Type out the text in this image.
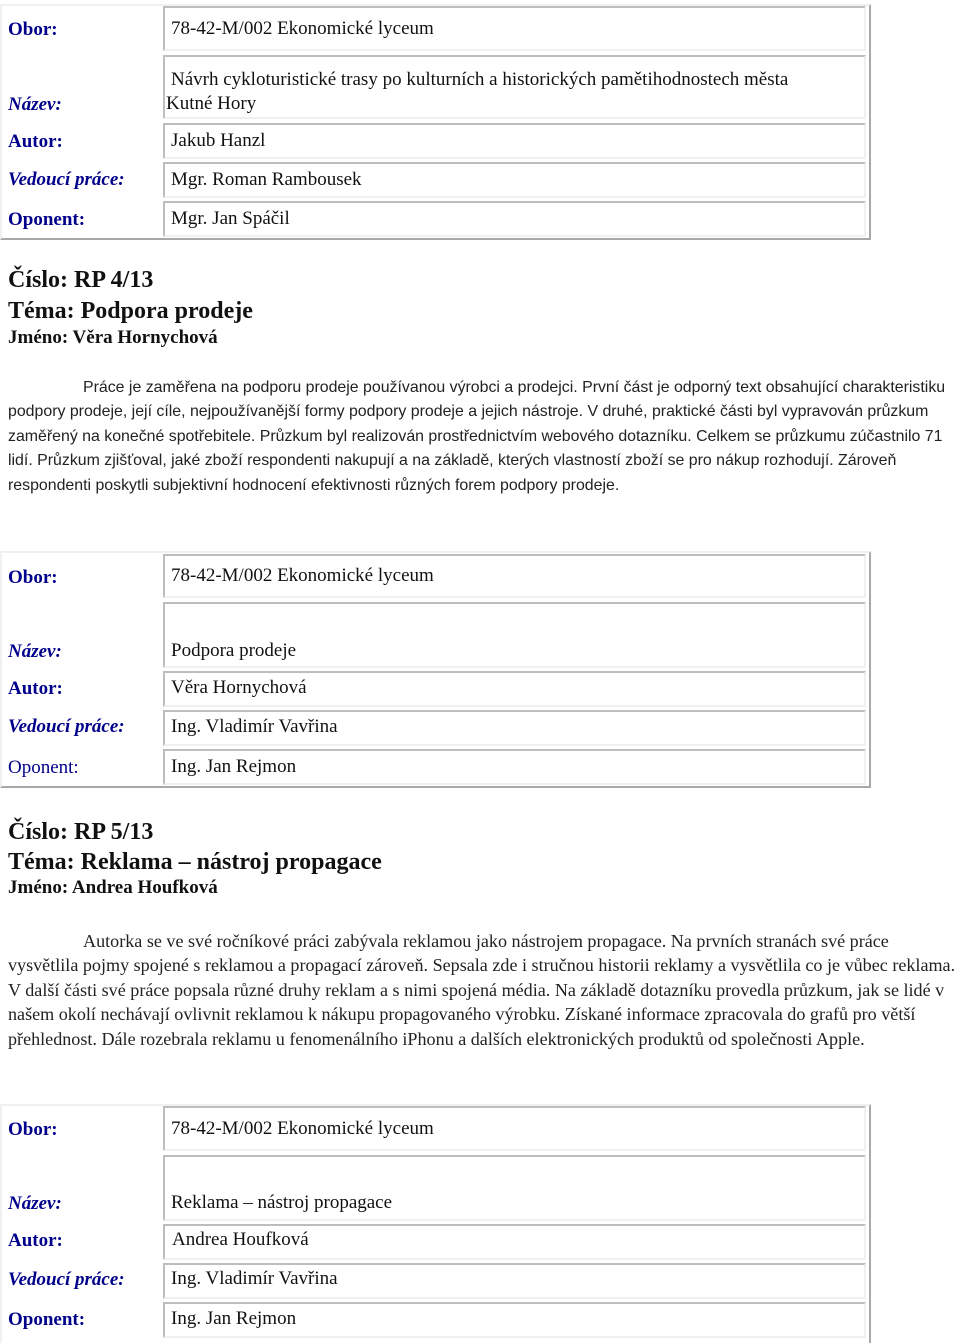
Obor:
Název:
Autor:
Vedoucí práce:
Oponent:
78-42-M/002 Ekonomické lyceum
Návrh cykloturistické trasy po kulturních a historických pamětihodnostech města
Kutné Hory
Jakub Hanzl
Mgr. Roman Rambousek
Mgr. Jan Spáčil
Číslo: RP 4/13
Téma: Podpora prodeje
Jméno: Věra Hornychová

Práce je zaměřena na podporu prodeje používanou výrobci a prodejci. První část je odporný text obsahující charakteristiku podpory prodeje, její cíle, nejpoužívanější formy podpory prodeje a jejich nástroje. V druhé, praktické části byl vypravován průzkum zaměřený na konečné spotřebitele. Průzkum byl realizován prostřednictvím webového dotazníku. Celkem se průzkumu zúčastnilo 71 lidí. Průzkum zjišťoval, jaké zboží respondenti nakupují a na základě, kterých vlastností zboží se pro nákup rozhodují. Zároveň respondenti poskytli subjektivní hodnocení efektivnosti různých forem podpory prodeje.

Obor:
Název:
Autor:
Vedoucí práce:
Oponent:
78-42-M/002 Ekonomické lyceum
Podpora prodeje
Věra Hornychová
Ing. Vladimír Vavřina
Ing. Jan Rejmon
Číslo: RP 5/13
Téma: Reklama – nástroj propagace
Jméno: Andrea Houfková

Autorka se ve své ročníkové práci zabývala reklamou jako nástrojem propagace. Na prvních stranách své práce vysvětlila pojmy spojené s reklamou a propagací zároveň. Sepsala zde i stručnou historii reklamy a vysvětlila co je vůbec reklama. V další části své práce popsala různé druhy reklam a s nimi spojená média. Na základě dotazníku provedla průzkum, jak se lidé v našem okolí nechávají ovlivnit reklamou k nákupu propagovaného výrobku. Získané informace zpracovala do grafů pro větší přehlednost. Dále rozebrala reklamu u fenomenálního iPhonu a dalších elektronických produktů od společnosti Apple.

Obor:
Název:
Autor:
Vedoucí práce:
Oponent:
78-42-M/002 Ekonomické lyceum
Reklama – nástroj propagace
Andrea Houfková
Ing. Vladimír Vavřina
Ing. Jan Rejmon
